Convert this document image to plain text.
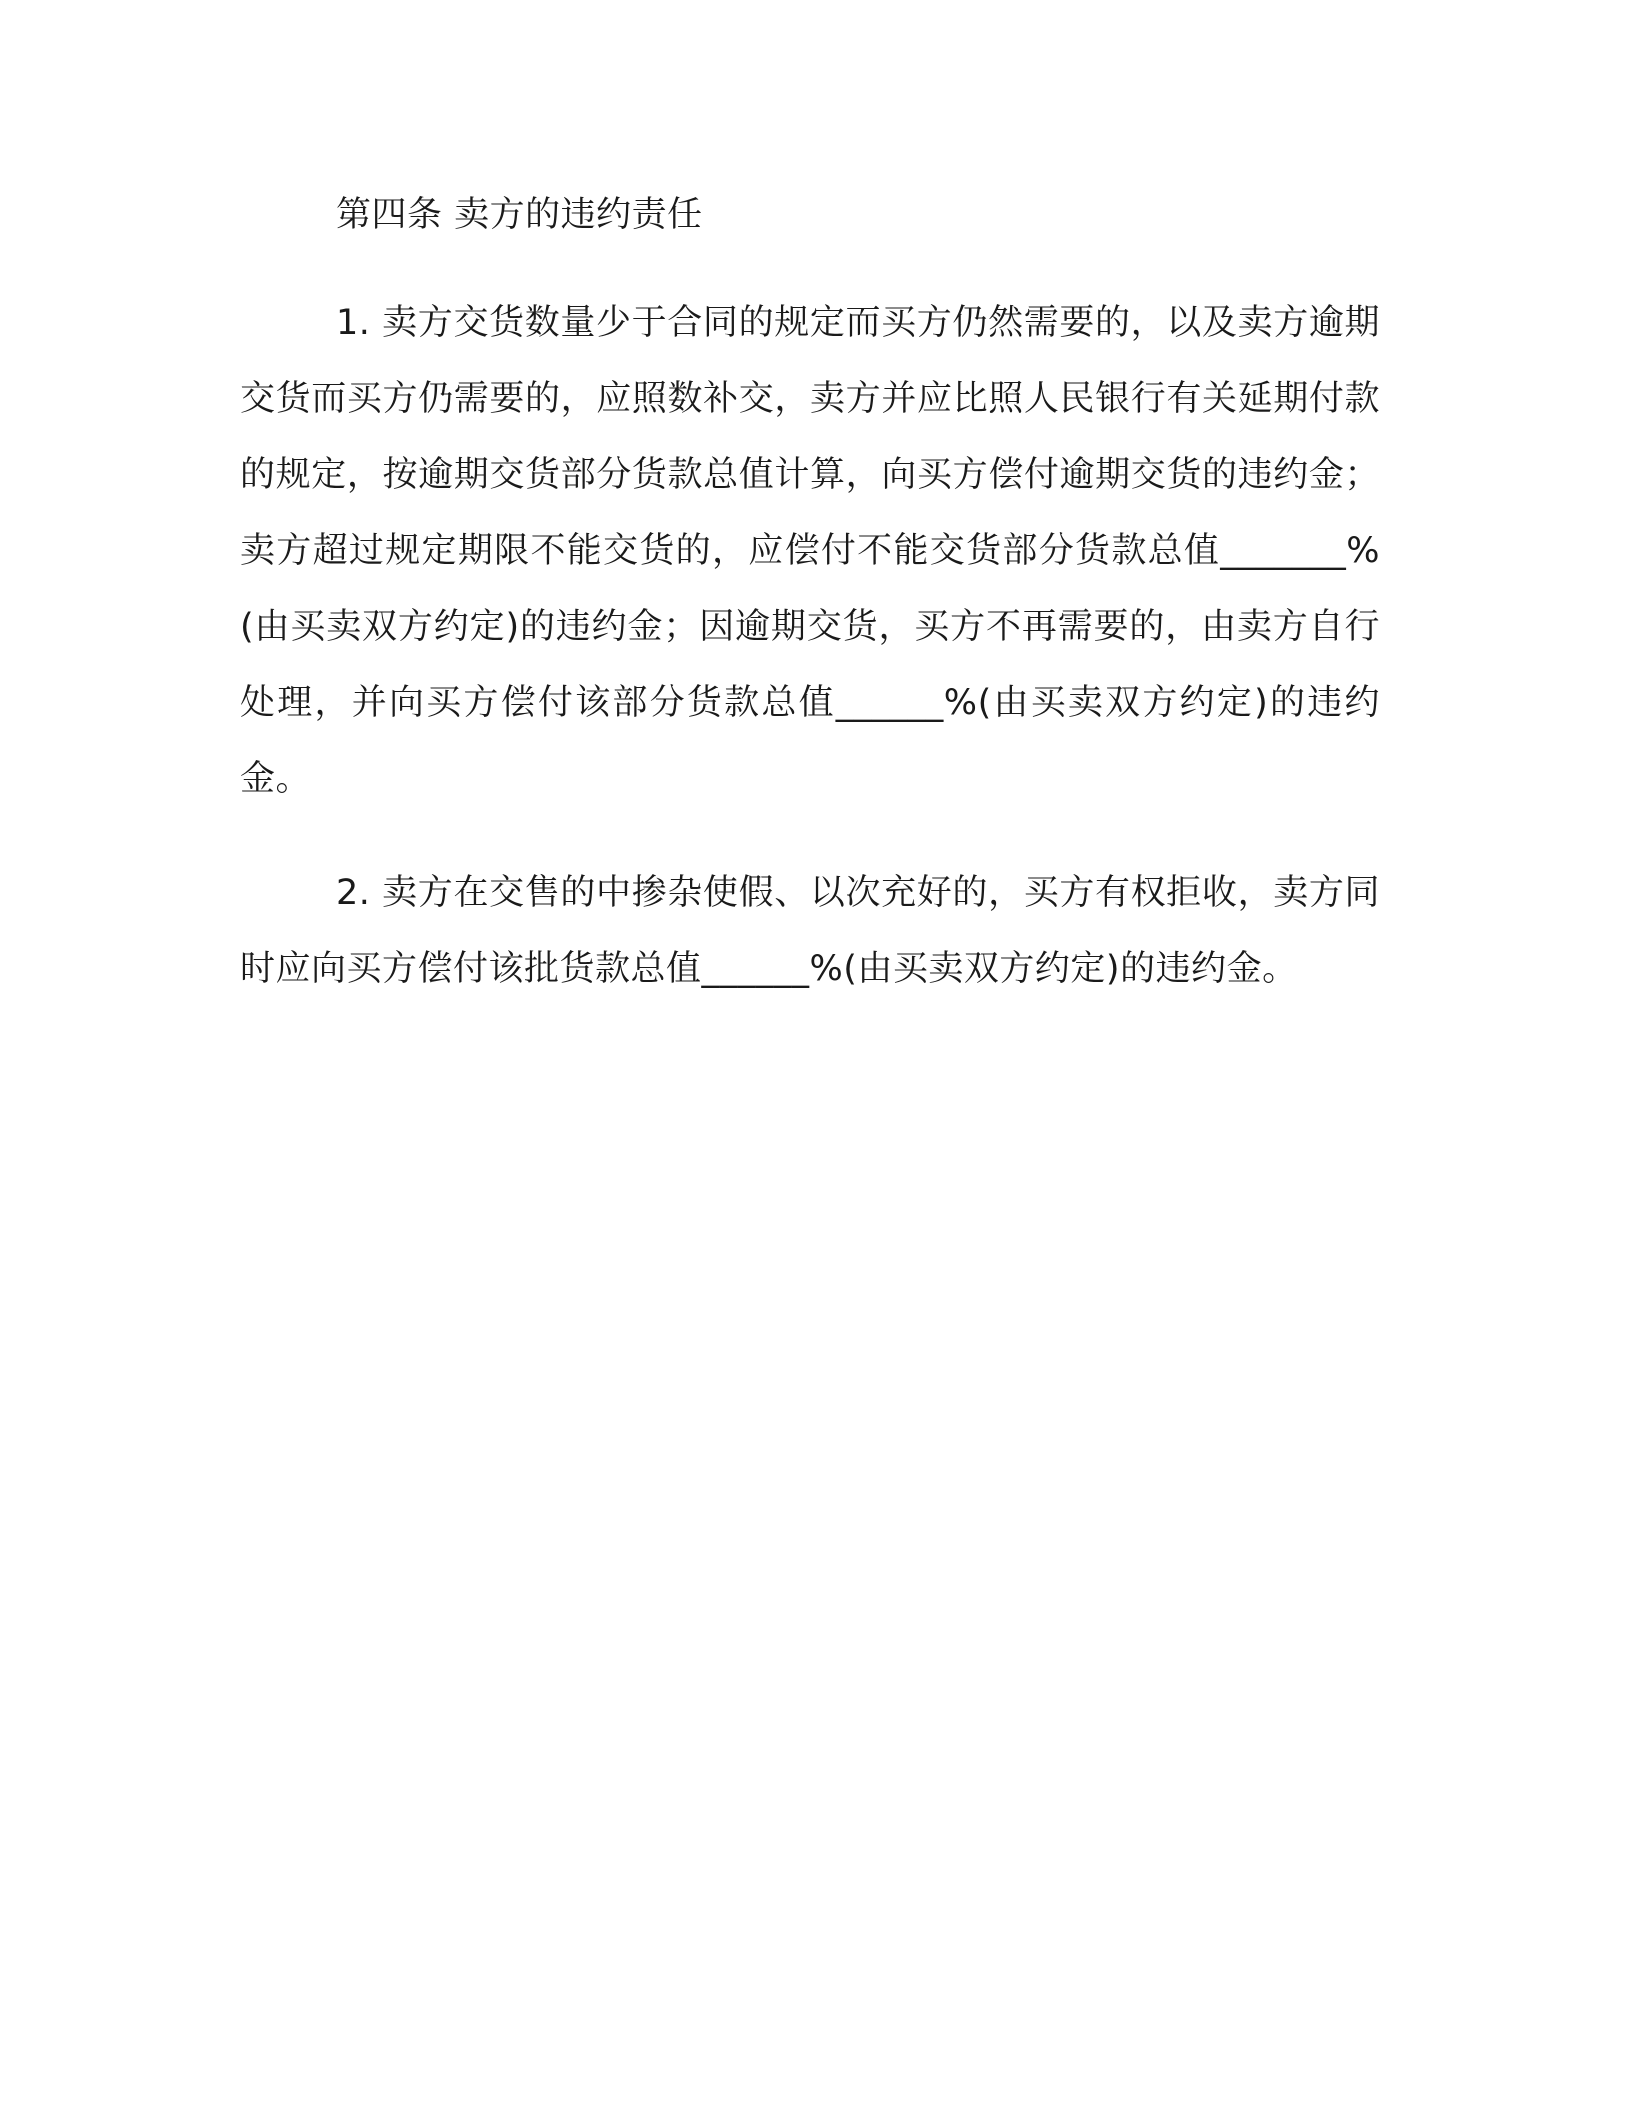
第四条 卖方的违约责任

1. 卖方交货数量少于合同的规定而买方仍然需要的，以及卖方逾期交货而买方仍需要的，应照数补交，卖方并应比照人民银行有关延期付款的规定，按逾期交货部分货款总值计算，向买方偿付逾期交货的违约金；卖方超过规定期限不能交货的，应偿付不能交货部分货款总值_______%(由买卖双方约定)的违约金；因逾期交货，买方不再需要的，由卖方自行处理，并向买方偿付该部分货款总值______%(由买卖双方约定)的违约金。

2. 卖方在交售的中掺杂使假、以次充好的，买方有权拒收，卖方同时应向买方偿付该批货款总值______%(由买卖双方约定)的违约金。
